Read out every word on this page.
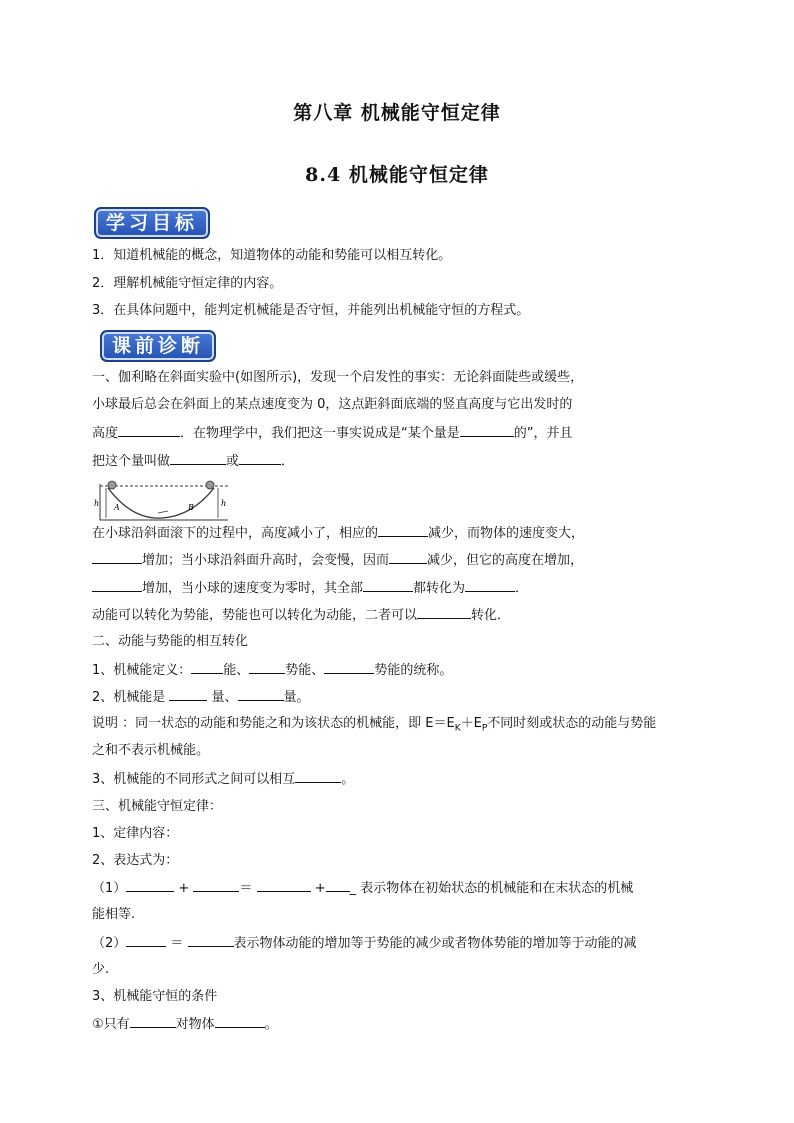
第八章 机械能守恒定律
8.4 机械能守恒定律
学习目标
1．知道机械能的概念，知道物体的动能和势能可以相互转化。
2．理解机械能守恒定律的内容。
3．在具体问题中，能判定机械能是否守恒，并能列出机械能守恒的方程式。
课前诊断
一、伽利略在斜面实验中(如图所示)，发现一个启发性的事实：无论斜面陡些或缓些，
小球最后总会在斜面上的某点速度变为 0，这点距斜面底端的竖直高度与它出发时的
高度	．在物理学中，我们把这一事实说成是“某个量是	的”，并且
把这个量叫做	或	．
h	h
A	B
在小球沿斜面滚下的过程中，高度减小了，相应的	减少，而物体的速度变大，
增加；当小球沿斜面升高时，会变慢，因而	减少，但它的高度在增加，
增加，当小球的速度变为零时，其全部	都转化为	．
动能可以转化为势能，势能也可以转化为动能，二者可以	转化．
二、动能与势能的相互转化
1、机械能定义： 能、	势能、	势能的统称。
2、机械能是	量、	量。
说明 ：同一状态的动能和势能之和为该状态的机械能，即 $E=E_K+E_P$不同时刻或状态的动能与势能
之和不表示机械能。
3、机械能的不同形式之间可以相互	。
三、机械能守恒定律：
1、定律内容：
2、表达式为：
（1）	+	＝	+ _ 表示物体在初始状态的机械能和在末状态的机械
能相等.
（2）	＝	表示物体动能的增加等于势能的减少或者物体势能的增加等于动能的减
少.
3、机械能守恒的条件
①只有	对物体	。
